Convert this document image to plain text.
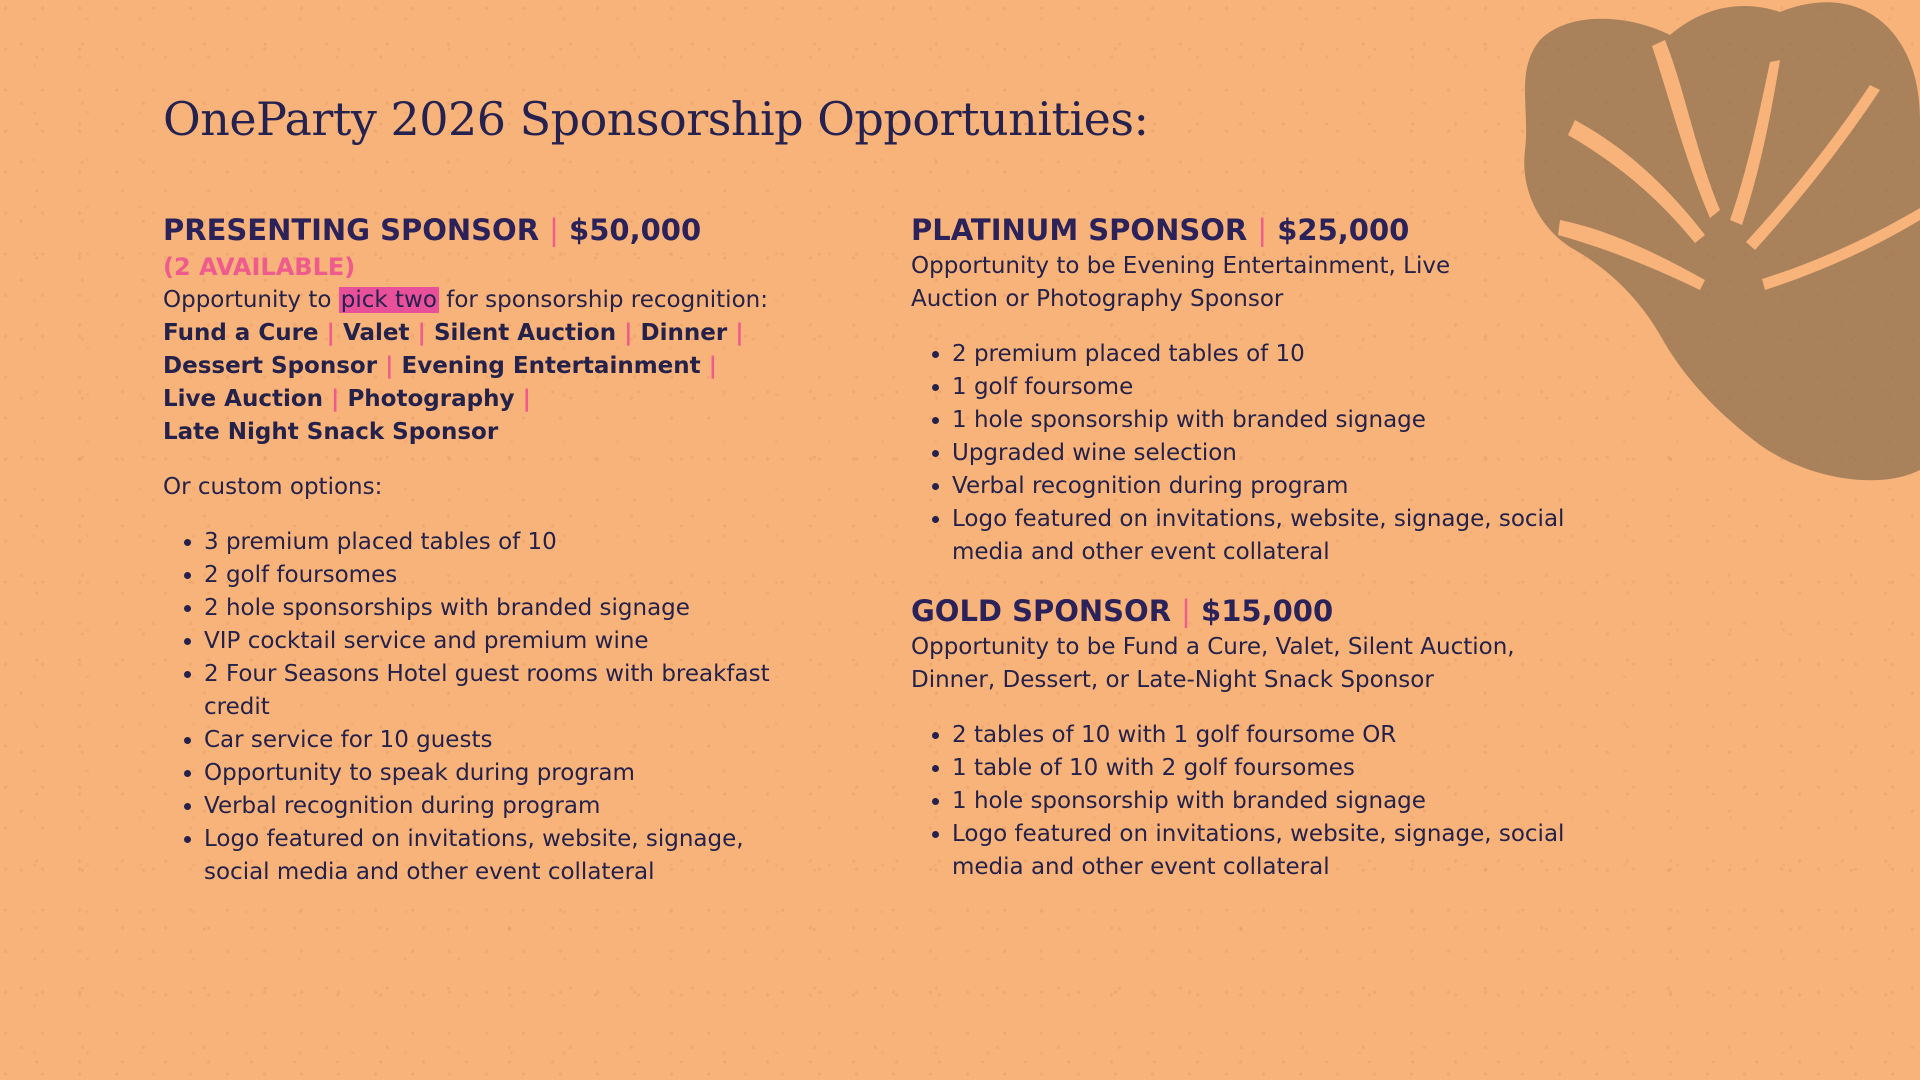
OneParty 2026 Sponsorship Opportunities:

PRESENTING SPONSOR | $50,000

(2 AVAILABLE)

Opportunity to pick two for sponsorship recognition:

Fund a Cure | Valet | Silent Auction | Dinner |
Dessert Sponsor | Evening Entertainment |
Live Auction | Photography |
Late Night Snack Sponsor

Or custom options:

• 3 premium placed tables of 10
• 2 golf foursomes
• 2 hole sponsorships with branded signage
• VIP cocktail service and premium wine
• 2 Four Seasons Hotel guest rooms with breakfast credit
• Car service for 10 guests
• Opportunity to speak during program
• Verbal recognition during program
• Logo featured on invitations, website, signage, social media and other event collateral

PLATINUM SPONSOR | $25,000

Opportunity to be Evening Entertainment, Live Auction or Photography Sponsor

• 2 premium placed tables of 10
• 1 golf foursome
• 1 hole sponsorship with branded signage
• Upgraded wine selection
• Verbal recognition during program
• Logo featured on invitations, website, signage, social media and other event collateral

GOLD SPONSOR | $15,000

Opportunity to be Fund a Cure, Valet, Silent Auction, Dinner, Dessert, or Late-Night Snack Sponsor

• 2 tables of 10 with 1 golf foursome OR
• 1 table of 10 with 2 golf foursomes
• 1 hole sponsorship with branded signage
• Logo featured on invitations, website, signage, social media and other event collateral
